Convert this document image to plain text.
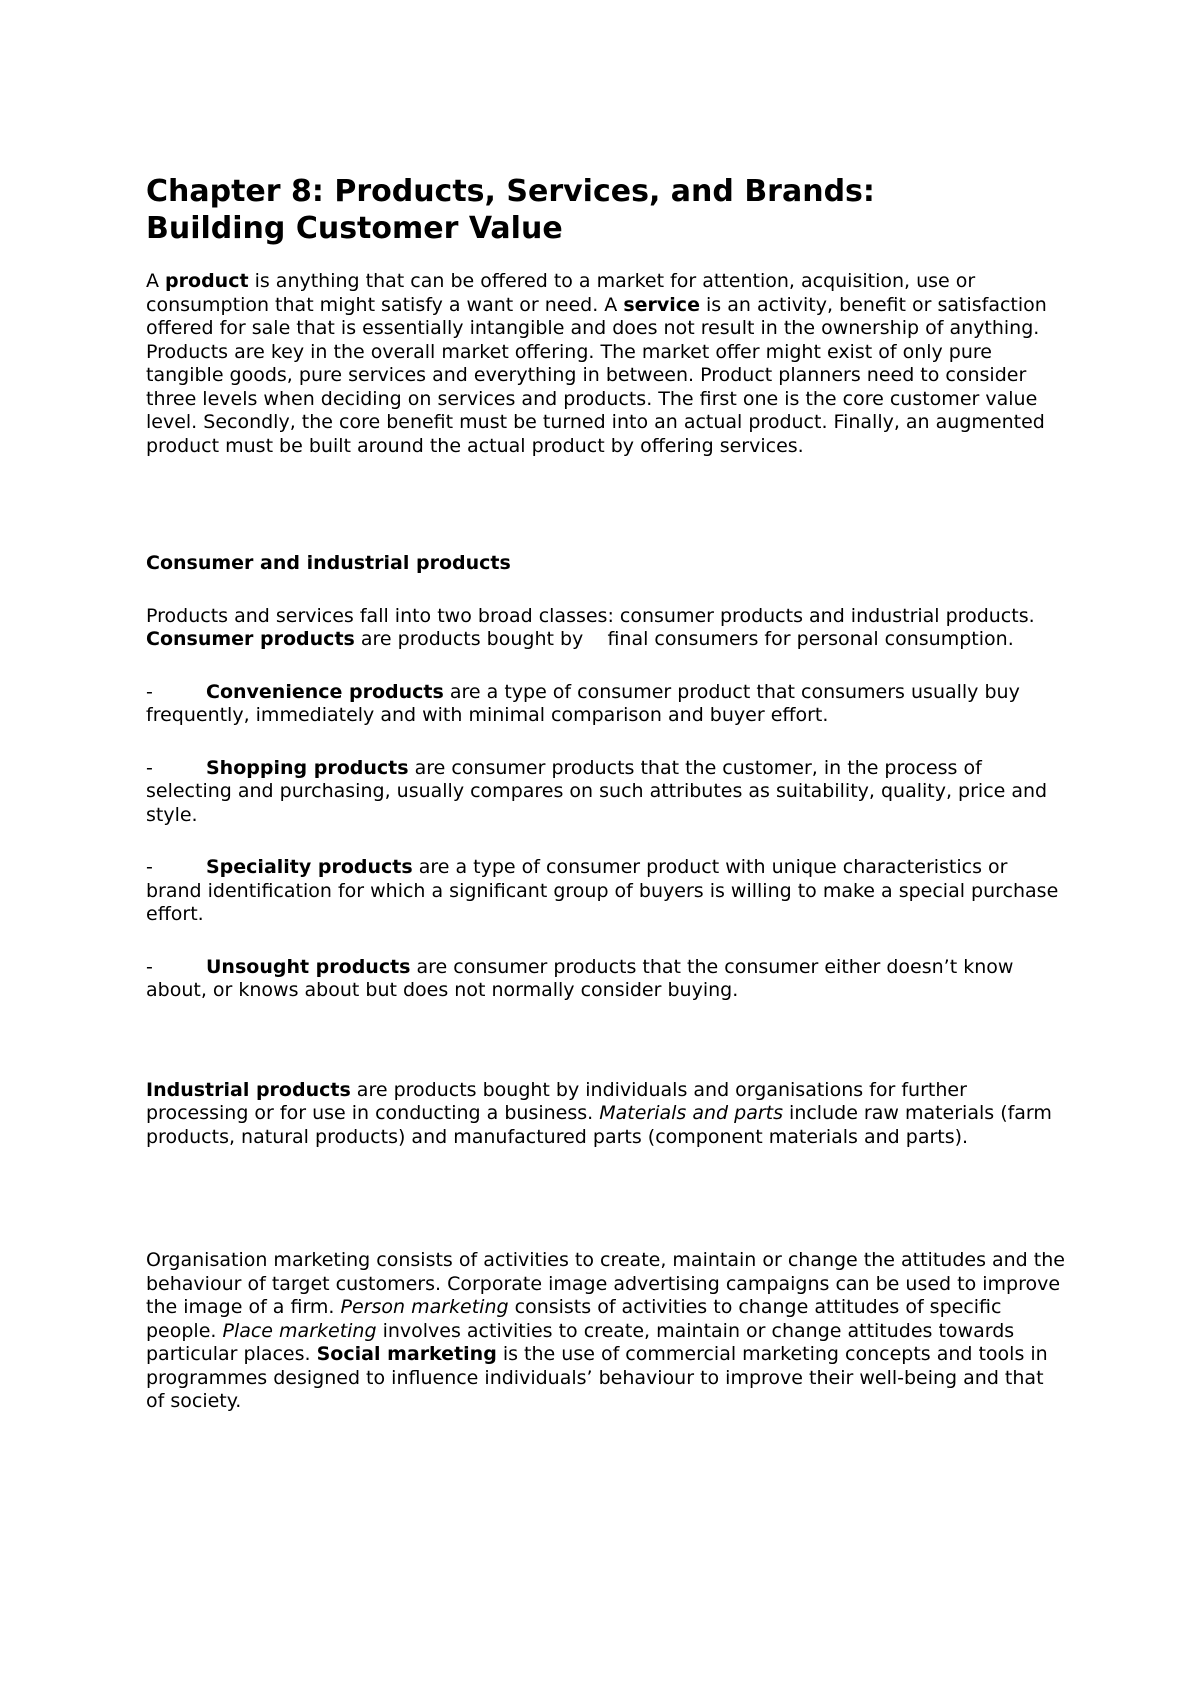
Chapter 8: Products, Services, and Brands:
Building Customer Value

A product is anything that can be offered to a market for attention, acquisition, use or consumption that might satisfy a want or need. A service is an activity, benefit or satisfaction offered for sale that is essentially intangible and does not result in the ownership of anything. Products are key in the overall market offering. The market offer might exist of only pure tangible goods, pure services and everything in between. Product planners need to consider three levels when deciding on services and products. The first one is the core customer value level. Secondly, the core benefit must be turned into an actual product. Finally, an augmented product must be built around the actual product by offering services.

Consumer and industrial products

Products and services fall into two broad classes: consumer products and industrial products. Consumer products are products bought by    final consumers for personal consumption.

-	Convenience products are a type of consumer product that consumers usually buy frequently, immediately and with minimal comparison and buyer effort.

-	Shopping products are consumer products that the customer, in the process of selecting and purchasing, usually compares on such attributes as suitability, quality, price and style.

-	Speciality products are a type of consumer product with unique characteristics or brand identification for which a significant group of buyers is willing to make a special purchase effort.

-	Unsought products are consumer products that the consumer either doesn’t know about, or knows about but does not normally consider buying.

Industrial products are products bought by individuals and organisations for further processing or for use in conducting a business. Materials and parts include raw materials (farm products, natural products) and manufactured parts (component materials and parts).

Organisation marketing consists of activities to create, maintain or change the attitudes and the behaviour of target customers. Corporate image advertising campaigns can be used to improve the image of a firm. Person marketing consists of activities to change attitudes of specific people. Place marketing involves activities to create, maintain or change attitudes towards particular places. Social marketing is the use of commercial marketing concepts and tools in programmes designed to influence individuals’ behaviour to improve their well-being and that of society.
